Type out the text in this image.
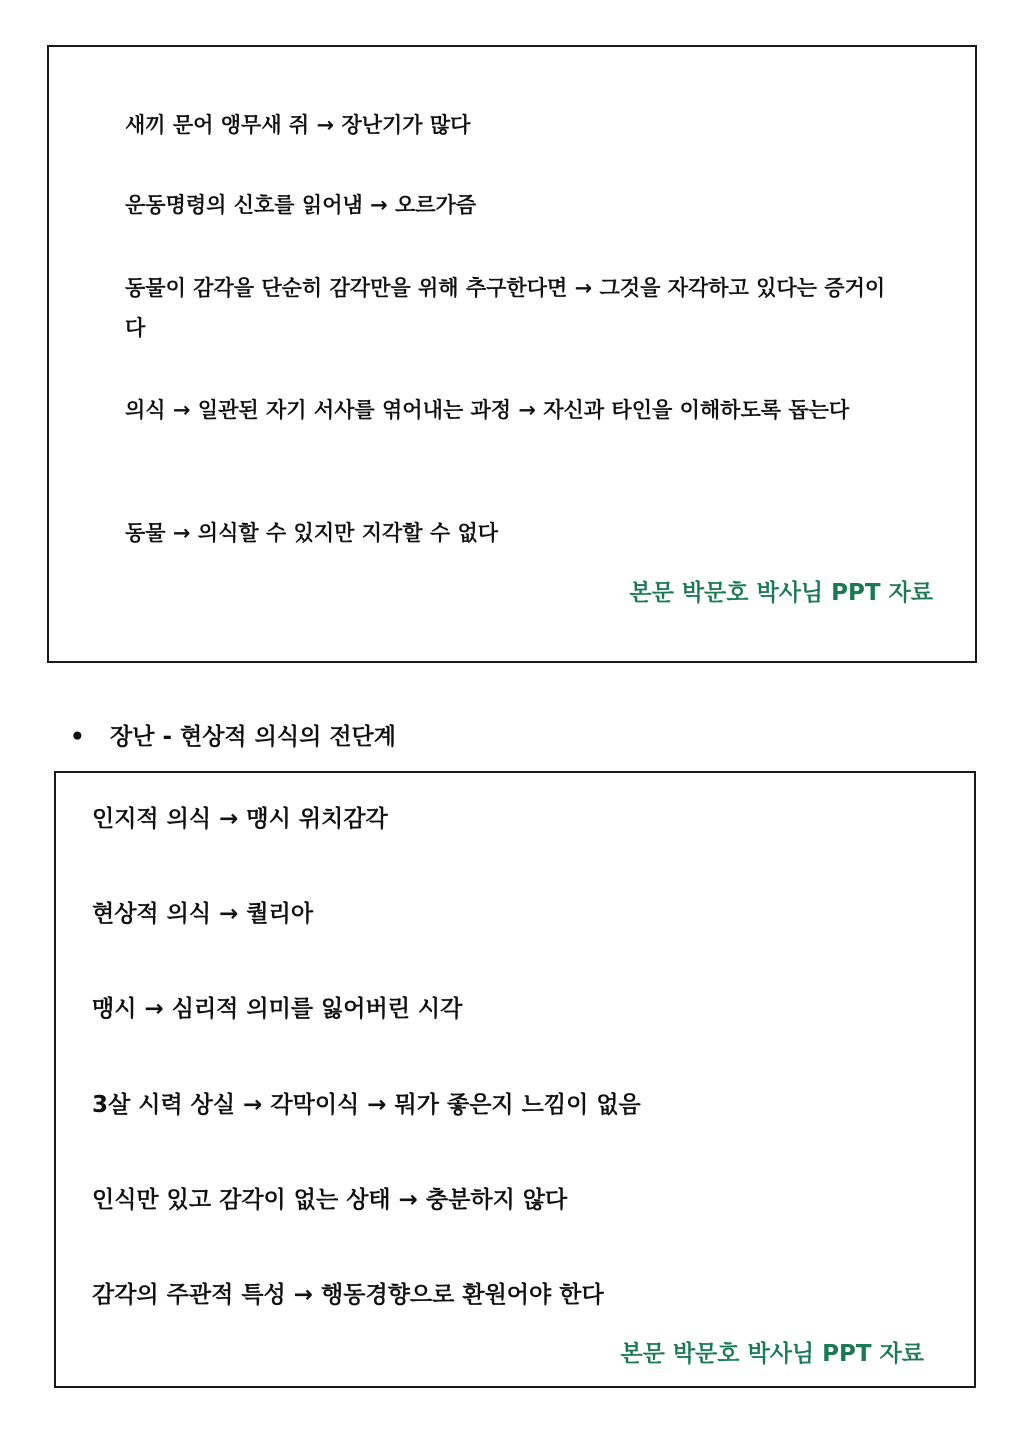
새끼 문어 앵무새 쥐 → 장난기가 많다
운동명령의 신호를 읽어냄 → 오르가즘
동물이 감각을 단순히 감각만을 위해 추구한다면 → 그것을 자각하고 있다는 증거이다
의식 → 일관된 자기 서사를 엮어내는 과정 → 자신과 타인을 이해하도록 돕는다
동물 → 의식할 수 있지만 지각할 수 없다
본문 박문호 박사님 PPT 자료
• 장난 - 현상적 의식의 전단계
인지적 의식 → 맹시 위치감각
현상적 의식 → 퀄리아
맹시 → 심리적 의미를 잃어버린 시각
3살 시력 상실 → 각막이식 → 뭐가 좋은지 느낌이 없음
인식만 있고 감각이 없는 상태 → 충분하지 않다
감각의 주관적 특성 → 행동경향으로 환원어야 한다
본문 박문호 박사님 PPT 자료
